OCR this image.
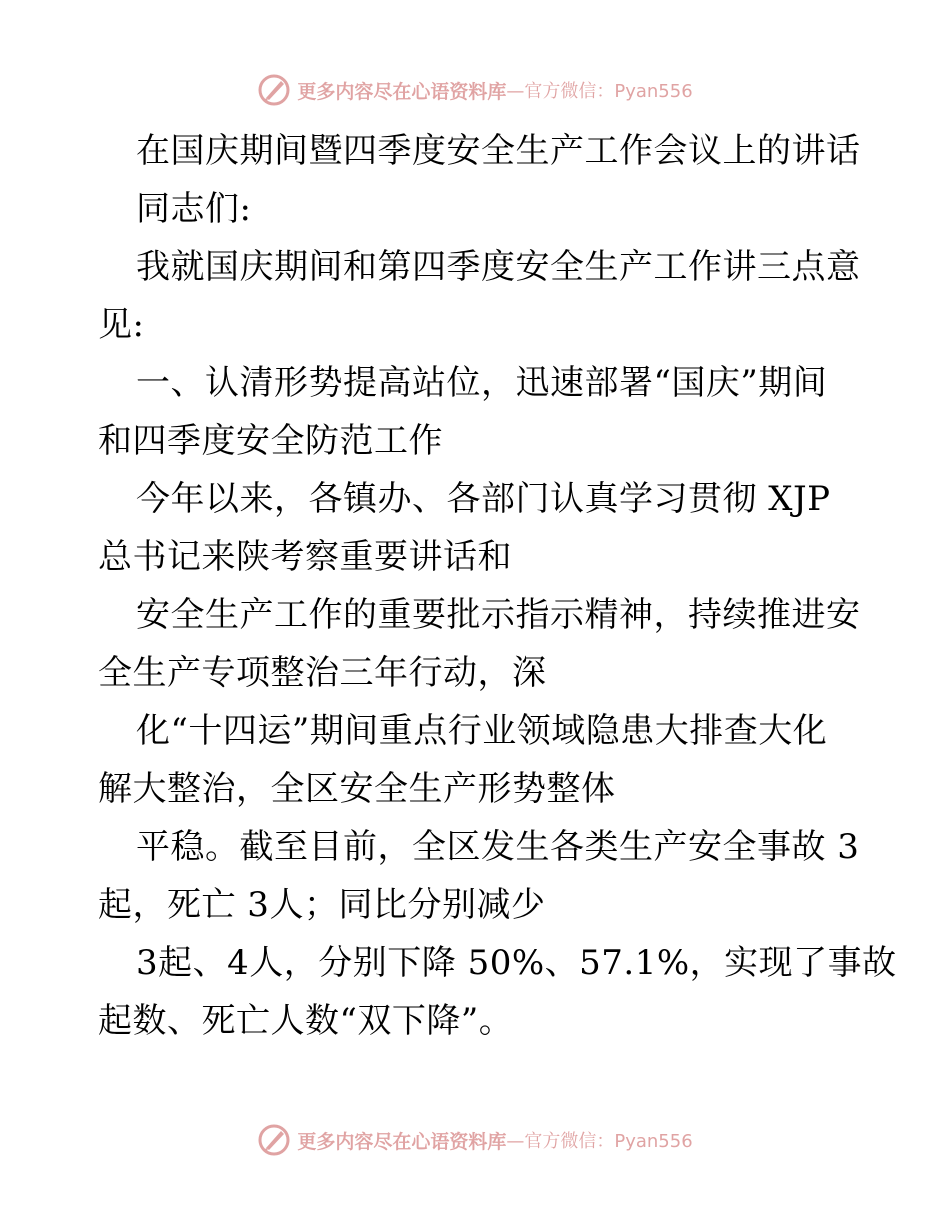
更多内容尽在心语资料库 —官方微信：Pyan556
在国庆期间暨四季度安全生产工作会议上的讲话
同志们:
我就国庆期间和第四季度安全生产工作讲三点意
见:
一、认清形势提高站位，迅速部署“国庆”期间
和四季度安全防范工作
今年以来，各镇办、各部门认真学习贯彻 XJP
总书记来陕考察重要讲话和
安全生产工作的重要批示指示精神，持续推进安
全生产专项整治三年行动，深
化“十四运”期间重点行业领域隐患大排查大化
解大整治，全区安全生产形势整体
平稳。截至目前，全区发生各类生产安全事故 3
起，死亡 3人；同比分别减少
3起、4人，分别下降 50%、57.1%，实现了事故
起数、死亡人数“双下降”。
更多内容尽在心语资料库 —官方微信：Pyan556
